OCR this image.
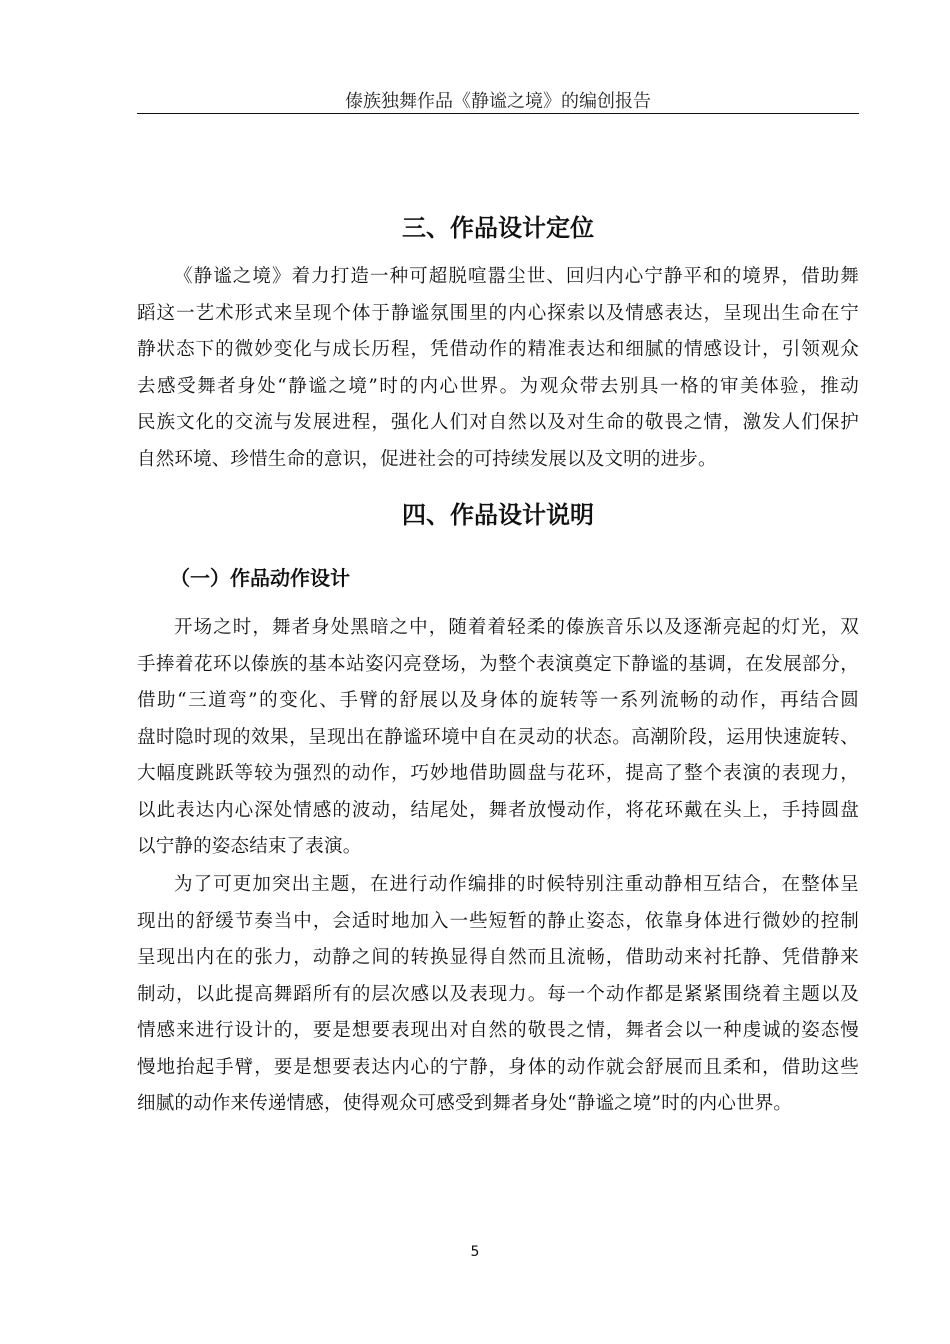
傣族独舞作品《静谧之境》的编创报告
三、作品设计定位
《静谧之境》着力打造一种可超脱喧嚣尘世、回归内心宁静平和的境界，借助舞
蹈这一艺术形式来呈现个体于静谧氛围里的内心探索以及情感表达，呈现出生命在宁
静状态下的微妙变化与成长历程，凭借动作的精准表达和细腻的情感设计，引领观众
去感受舞者身处“静谧之境”时的内心世界。为观众带去别具一格的审美体验，推动
民族文化的交流与发展进程，强化人们对自然以及对生命的敬畏之情，激发人们保护
自然环境、珍惜生命的意识，促进社会的可持续发展以及文明的进步。
四、作品设计说明
（一）作品动作设计
开场之时，舞者身处黑暗之中，随着着轻柔的傣族音乐以及逐渐亮起的灯光，双
手捧着花环以傣族的基本站姿闪亮登场，为整个表演奠定下静谧的基调，在发展部分，
借助“三道弯”的变化、手臂的舒展以及身体的旋转等一系列流畅的动作，再结合圆
盘时隐时现的效果，呈现出在静谧环境中自在灵动的状态。高潮阶段，运用快速旋转、
大幅度跳跃等较为强烈的动作，巧妙地借助圆盘与花环，提高了整个表演的表现力，
以此表达内心深处情感的波动，结尾处，舞者放慢动作，将花环戴在头上，手持圆盘
以宁静的姿态结束了表演。
为了可更加突出主题，在进行动作编排的时候特别注重动静相互结合，在整体呈
现出的舒缓节奏当中，会适时地加入一些短暂的静止姿态，依靠身体进行微妙的控制
呈现出内在的张力，动静之间的转换显得自然而且流畅，借助动来衬托静、凭借静来
制动，以此提高舞蹈所有的层次感以及表现力。每一个动作都是紧紧围绕着主题以及
情感来进行设计的，要是想要表现出对自然的敬畏之情，舞者会以一种虔诚的姿态慢
慢地抬起手臂，要是想要表达内心的宁静，身体的动作就会舒展而且柔和，借助这些
细腻的动作来传递情感，使得观众可感受到舞者身处“静谧之境”时的内心世界。
5
